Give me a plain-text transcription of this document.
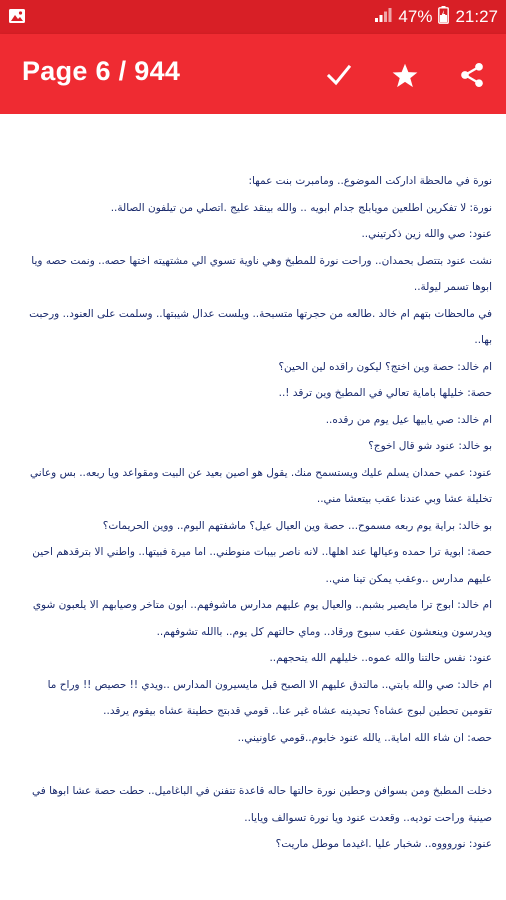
47% 21:27
Page 6 / 944

نورة في مالحظة اداركت الموضوع.. ومامبرت بنت عمها:

نورة: لا تفكرين اطلعين مويابلج جدام ابويه .. والله بينقد عليج .اتصلي من تيلفون الصالة..

عنود: صي والله زين ذكرتيني..

نشت عنود بتتصل بحمدان.. وراحت نورة للمطبخ وهي ناوية تسوي الي مشتهيته اختها حصه.. ونمت حصه ويا ابوها تسمر ليولة..

في مالحظات بتهم ام خالد .طالعه من حجرتها متسبحة.. ويلست عدال شيبتها.. وسلمت على العنود.. ورحبت بها..

ام خالد: حصة وين اختج؟ ليكون راقده لين الحين؟

حصة: خليلها باماية تعالي في المطبخ وين ترقد !..

ام خالد: صي يابيها عيل يوم من رقده..

بو خالد: عنود شو قال اخوج؟

عنود: عمي حمدان يسلم عليك ويستسمح منك. يقول هو اصين بعيد عن البيت ومقواعد ويا ربعه.. بس وعاني تخليلة عشا وبي عندنا عقب بيتعشا مني..

بو خالد: براية يوم ربعه مسموح... حصة وين العيال عيل؟ ماشفتهم اليوم.. ووين الحريمات؟

حصة: ابوية ترا حمده وعيالها عند اهلها.. لانه ناصر بيبات منوطني.. اما ميرة فبيتها.. واطني الا بترقدهم احين عليهم مدارس ..وعقب يمكن تينا مني..

ام خالد: ابوج ترا مايصير بشبم.. والعيال يوم عليهم مدارس ماشوفهم.. ابون متاخر وصيابهم الا يلعبون شوي ويدرسون وينعشون عقب سبوج ورقاد.. وماي حالتهم كل يوم.. باالله تشوفهم..

عنود: نفس حالتنا والله عموه.. خليلهم الله يتحجهم..

ام خالد: صي والله بابتي.. مالتدق عليهم الا الصبح قبل مايسيرون المدارس ..ويدي !! حصيص !! وراح ما تقومين تحطين لبوج عشاه؟ تحيدينه عشاه غير عنا.. قومي قدبتج حطينة عشاه بيقوم يرقد..

حصه: ان شاء الله اماية.. يالله عنود خابوم..قومي عاونيني..

دخلت المطبخ ومن بسوافن وحطين نورة حالتها حاله قاعدة تتفنن في الباغاميل.. حطت حصة عشا ابوها في صينية وراحت توديه.. وقعدت عنود ويا نورة تسوالف ويايا..

عنود: نوروووه.. شخبار عليا .اغيدما موطل ماريت؟
